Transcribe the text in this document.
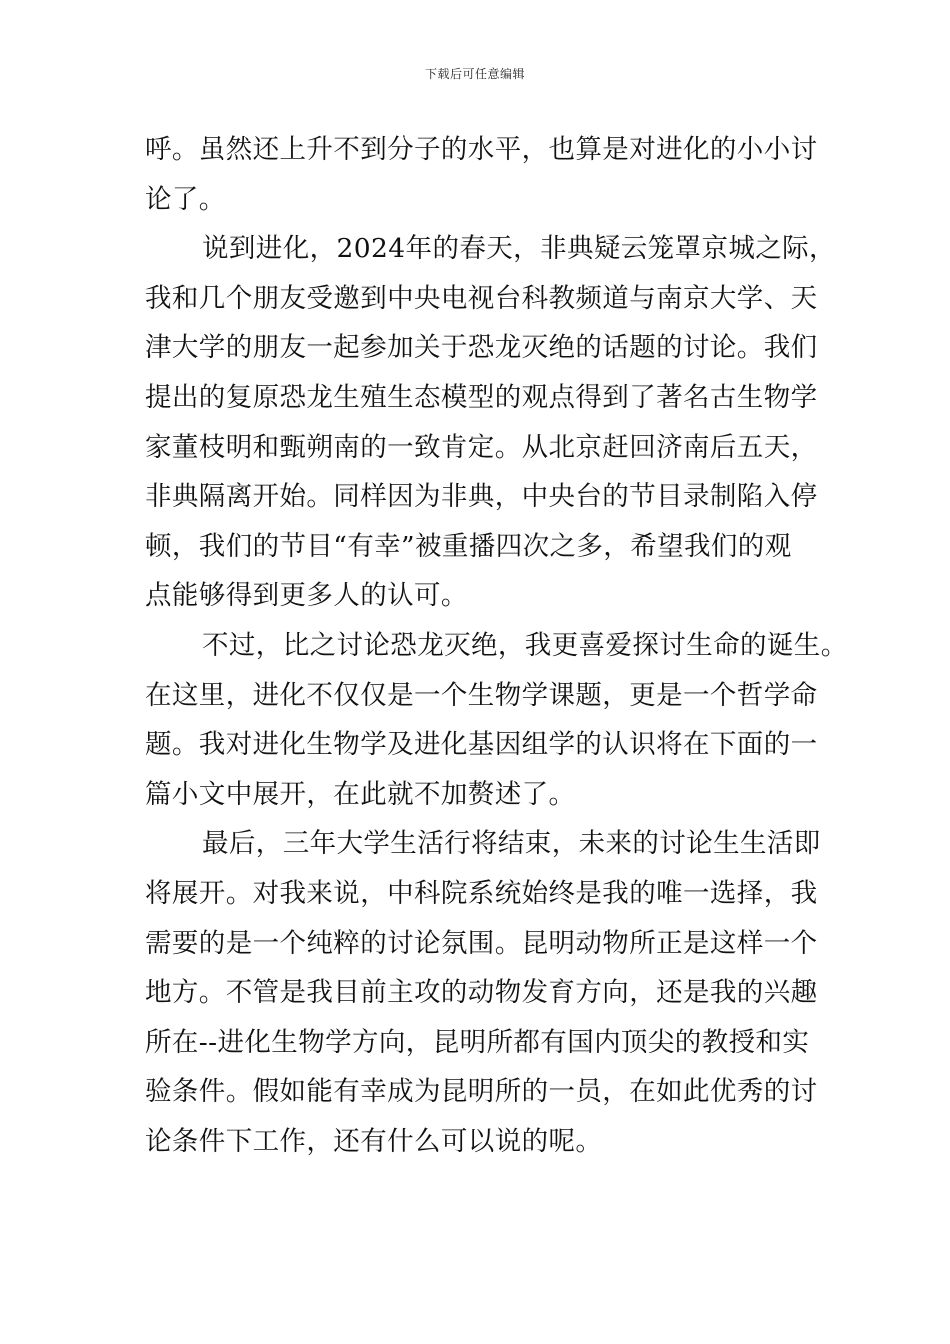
下载后可任意编辑
呼。虽然还上升不到分子的水平，也算是对进化的小小讨
论了。
说到进化，2024年的春天，非典疑云笼罩京城之际，
我和几个朋友受邀到中央电视台科教频道与南京大学、天
津大学的朋友一起参加关于恐龙灭绝的话题的讨论。我们
提出的复原恐龙生殖生态模型的观点得到了著名古生物学
家董枝明和甄朔南的一致肯定。从北京赶回济南后五天，
非典隔离开始。同样因为非典，中央台的节目录制陷入停
顿，我们的节目“有幸”被重播四次之多，希望我们的观
点能够得到更多人的认可。
不过，比之讨论恐龙灭绝，我更喜爱探讨生命的诞生。
在这里，进化不仅仅是一个生物学课题，更是一个哲学命
题。我对进化生物学及进化基因组学的认识将在下面的一
篇小文中展开，在此就不加赘述了。
最后，三年大学生活行将结束，未来的讨论生生活即
将展开。对我来说，中科院系统始终是我的唯一选择，我
需要的是一个纯粹的讨论氛围。昆明动物所正是这样一个
地方。不管是我目前主攻的动物发育方向，还是我的兴趣
所在--进化生物学方向，昆明所都有国内顶尖的教授和实
验条件。假如能有幸成为昆明所的一员，在如此优秀的讨
论条件下工作，还有什么可以说的呢。
